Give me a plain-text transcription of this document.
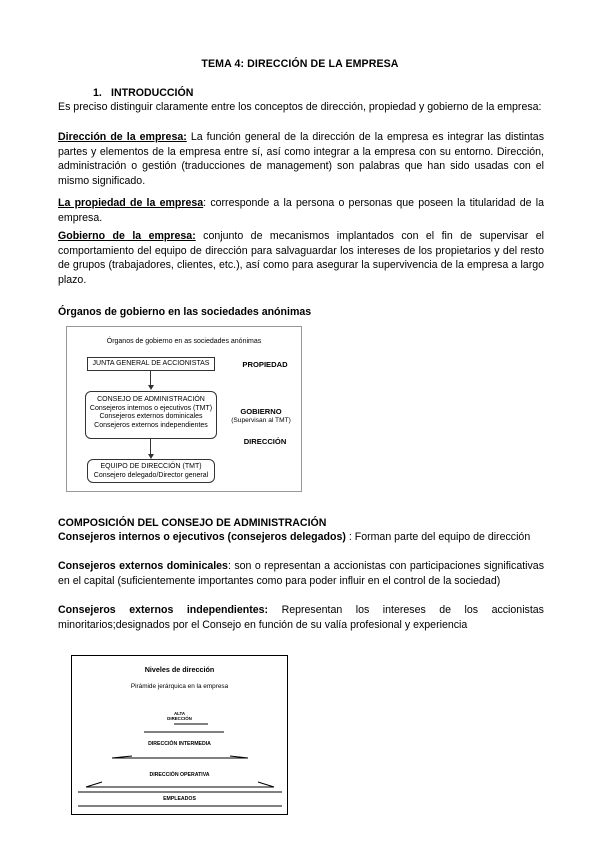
TEMA 4: DIRECCIÓN DE LA EMPRESA
1. INTRODUCCIÓN

Es preciso distinguir claramente entre los conceptos de dirección, propiedad y gobierno de la empresa:

Dirección de la empresa: La función general de la dirección de la empresa es integrar las distintas partes y elementos de la empresa entre sí, así como integrar a la empresa con su entorno. Dirección, administración o gestión (traducciones de management) son palabras que han sido usadas con el mismo significado.

La propiedad de la empresa: corresponde a la persona o personas que poseen la titularidad de la empresa.

Gobierno de la empresa: conjunto de mecanismos implantados con el fin de supervisar el comportamiento del equipo de dirección para salvaguardar los intereses de los propietarios y del resto de grupos (trabajadores, clientes, etc.), así como para asegurar la supervivencia de la empresa a largo plazo.

Órganos de gobierno en las sociedades anónimas
Órganos de gobierno en as sociedades anónimas
JUNTA GENERAL DE ACCIONISTAS	PROPIEDAD
CONSEJO DE ADMINISTRACIÓN
Consejeros internos o ejecutivos (TMT)
Consejeros externos dominicales
Consejeros externos independientes
GOBIERNO
(Supervisan al TMT)
EQUIPO DE DIRECCIÓN (TMT)
Consejero delegado/Director general
DIRECCIÓN
COMPOSICIÓN DEL CONSEJO DE ADMINISTRACIÓN

Consejeros internos o ejecutivos (consejeros delegados) : Forman parte del equipo de dirección

Consejeros externos dominicales: son o representan a accionistas con participaciones significativas en el capital (suficientemente importantes como para poder influir en el control de la sociedad)

Consejeros externos independientes: Representan los intereses de los accionistas minoritarios;designados por el Consejo en función de su valía profesional y experiencia

Niveles de dirección
Pirámide jerárquica en la empresa
ALTA
DIRECCIÓN
DIRECCIÓN INTERMEDIA
DIRECCIÓN OPERATIVA
EMPLEADOS
